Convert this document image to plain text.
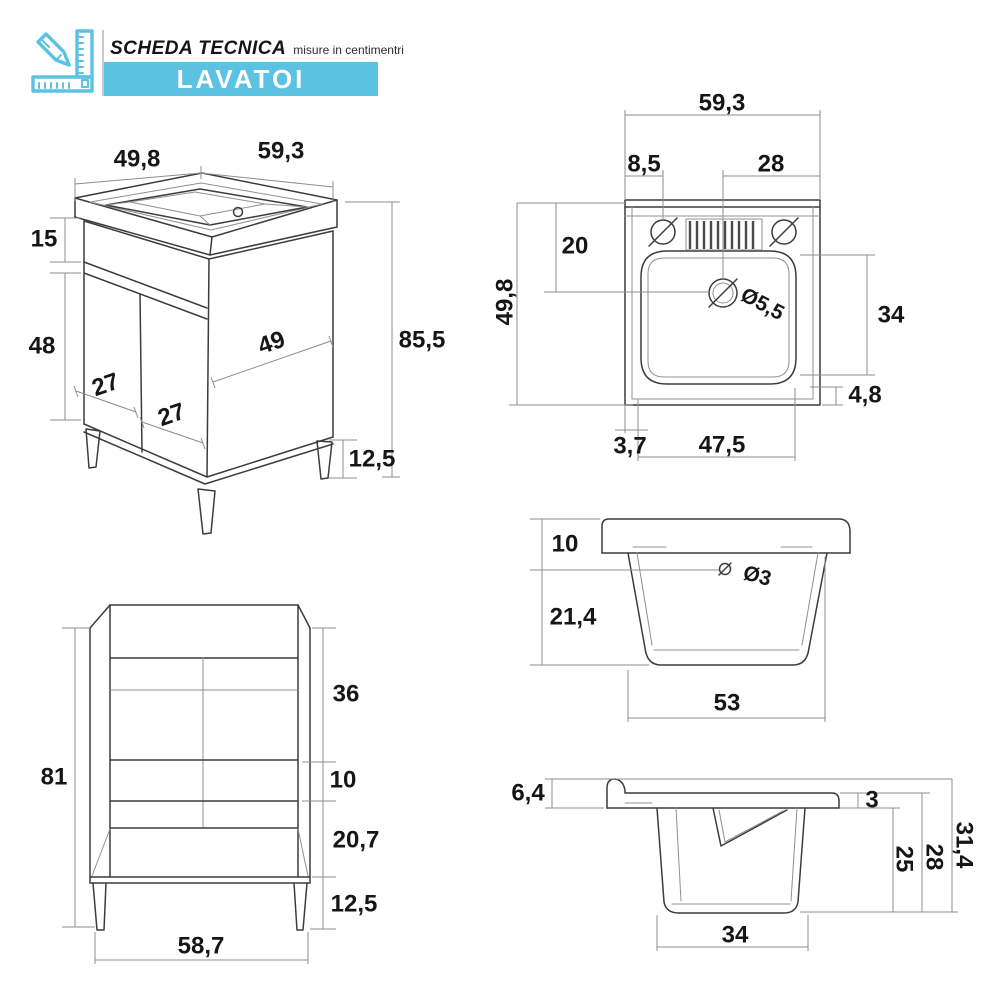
SCHEDA TECNICA misure in centimentri
LAVATOI
49,8	59,3
15
48
27
27
49	85,5
12,5
59,3
8,5	28
20
49,8	34
4,8
3,7 47,5
Ø5,5
10
21,4
53
Ø3
6,4	3
25 28 31,4
34
81
36
10
20,7
12,5
58,7
